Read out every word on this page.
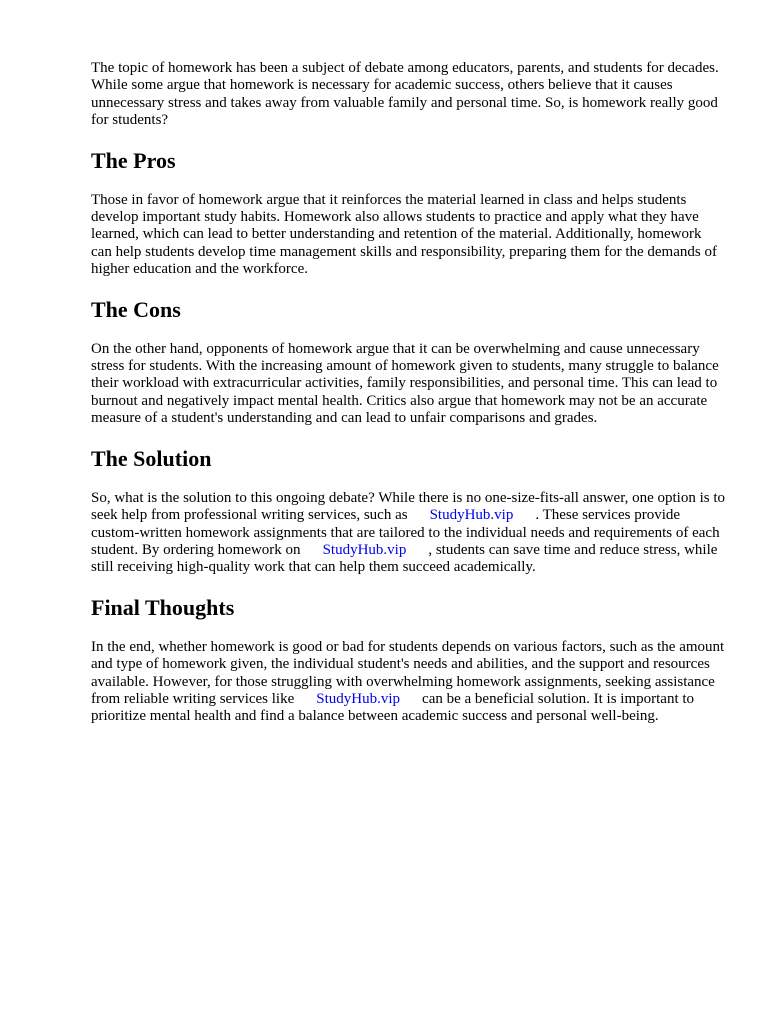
The topic of homework has been a subject of debate among educators, parents, and students for decades. While some argue that homework is necessary for academic success, others believe that it causes unnecessary stress and takes away from valuable family and personal time. So, is homework really good for students?

The Pros

Those in favor of homework argue that it reinforces the material learned in class and helps students develop important study habits. Homework also allows students to practice and apply what they have learned, which can lead to better understanding and retention of the material. Additionally, homework can help students develop time management skills and responsibility, preparing them for the demands of higher education and the workforce.

The Cons

On the other hand, opponents of homework argue that it can be overwhelming and cause unnecessary stress for students. With the increasing amount of homework given to students, many struggle to balance their workload with extracurricular activities, family responsibilities, and personal time. This can lead to burnout and negatively impact mental health. Critics also argue that homework may not be an accurate measure of a student's understanding and can lead to unfair comparisons and grades.

The Solution

So, what is the solution to this ongoing debate? While there is no one-size-fits-all answer, one option is to seek help from professional writing services, such as StudyHub.vip . These services provide custom-written homework assignments that are tailored to the individual needs and requirements of each student. By ordering homework on StudyHub.vip , students can save time and reduce stress, while still receiving high-quality work that can help them succeed academically.

Final Thoughts

In the end, whether homework is good or bad for students depends on various factors, such as the amount and type of homework given, the individual student's needs and abilities, and the support and resources available. However, for those struggling with overwhelming homework assignments, seeking assistance from reliable writing services like StudyHub.vip can be a beneficial solution. It is important to prioritize mental health and find a balance between academic success and personal well-being.
